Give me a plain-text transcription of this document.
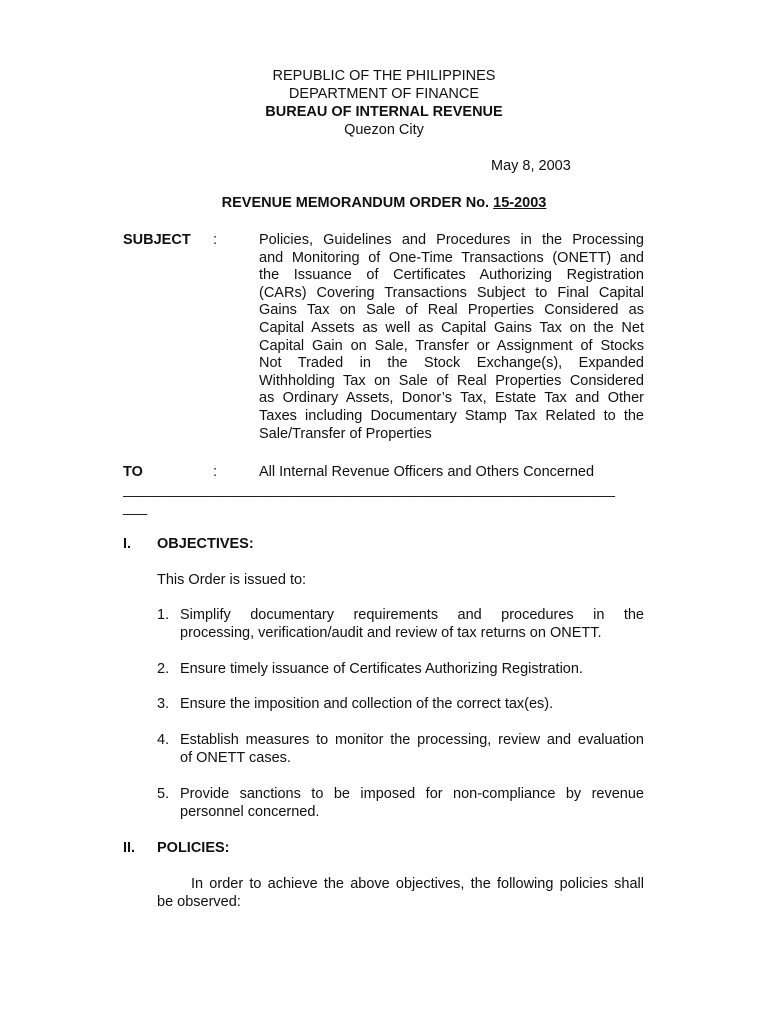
REPUBLIC OF THE PHILIPPINES
DEPARTMENT OF FINANCE
BUREAU OF INTERNAL REVENUE
Quezon City
May 8, 2003
REVENUE MEMORANDUM ORDER No. 15-2003
SUBJECT :	Policies, Guidelines and Procedures in the Processing
and Monitoring of One-Time Transactions (ONETT) and
the Issuance of Certificates Authorizing Registration
(CARs) Covering Transactions Subject to Final Capital
Gains Tax on Sale of Real Properties Considered as
Capital Assets as well as Capital Gains Tax on the Net
Capital Gain on Sale, Transfer or Assignment of Stocks
Not Traded in the Stock Exchange(s), Expanded
Withholding Tax on Sale of Real Properties Considered
as Ordinary Assets, Donor’s Tax, Estate Tax and Other
Taxes including Documentary Stamp Tax Related to the
Sale/Transfer of Properties
TO	:	All Internal Revenue Officers and Others Concerned
_____________________________________________________________
___
I. OBJECTIVES:
This Order is issued to:
1. Simplify documentary requirements and procedures in the
processing, verification/audit and review of tax returns on ONETT.
2. Ensure timely issuance of Certificates Authorizing Registration.
3. Ensure the imposition and collection of the correct tax(es).
4. Establish measures to monitor the processing, review and evaluation
of ONETT cases.
5. Provide sanctions to be imposed for non-compliance by revenue
personnel concerned.
II. POLICIES:
In order to achieve the above objectives, the following policies shall
be observed:
